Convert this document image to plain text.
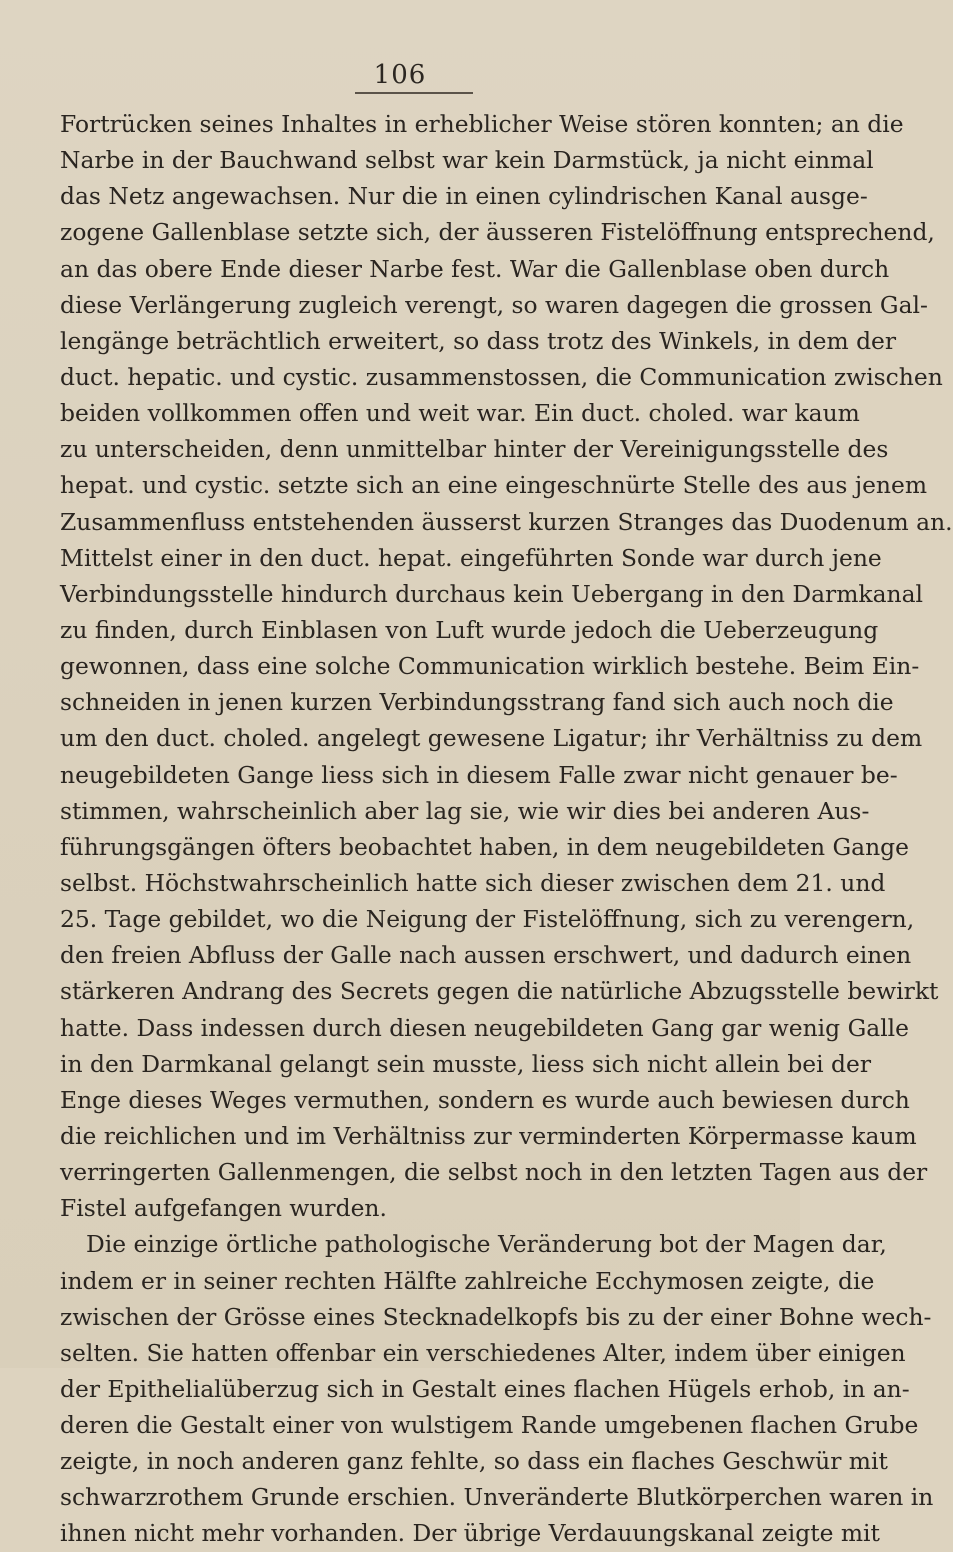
106
Fortrücken seines Inhaltes in erheblicher Weise stören konnten; an die
Narbe in der Bauchwand selbst war kein Darmstück, ja nicht einmal
das Netz angewachsen. Nur die in einen cylindrischen Kanal ausge-
zogene Gallenblase setzte sich, der äusseren Fistelöffnung entsprechend,
an das obere Ende dieser Narbe fest. War die Gallenblase oben durch
diese Verlängerung zugleich verengt, so waren dagegen die grossen Gal-
lengänge beträchtlich erweitert, so dass trotz des Winkels, in dem der
duct. hepatic. und cystic. zusammenstossen, die Communication zwischen
beiden vollkommen offen und weit war. Ein duct. choled. war kaum
zu unterscheiden, denn unmittelbar hinter der Vereinigungsstelle des
hepat. und cystic. setzte sich an eine eingeschnürte Stelle des aus jenem
Zusammenfluss entstehenden äusserst kurzen Stranges das Duodenum an.
Mittelst einer in den duct. hepat. eingeführten Sonde war durch jene
Verbindungsstelle hindurch durchaus kein Uebergang in den Darmkanal
zu finden, durch Einblasen von Luft wurde jedoch die Ueberzeugung
gewonnen, dass eine solche Communication wirklich bestehe. Beim Ein-
schneiden in jenen kurzen Verbindungsstrang fand sich auch noch die
um den duct. choled. angelegt gewesene Ligatur; ihr Verhältniss zu dem
neugebildeten Gange liess sich in diesem Falle zwar nicht genauer be-
stimmen, wahrscheinlich aber lag sie, wie wir dies bei anderen Aus-
führungsgängen öfters beobachtet haben, in dem neugebildeten Gange
selbst. Höchstwahrscheinlich hatte sich dieser zwischen dem 21. und
25. Tage gebildet, wo die Neigung der Fistelöffnung, sich zu verengern,
den freien Abfluss der Galle nach aussen erschwert, und dadurch einen
stärkeren Andrang des Secrets gegen die natürliche Abzugsstelle bewirkt
hatte. Dass indessen durch diesen neugebildeten Gang gar wenig Galle
in den Darmkanal gelangt sein musste, liess sich nicht allein bei der
Enge dieses Weges vermuthen, sondern es wurde auch bewiesen durch
die reichlichen und im Verhältniss zur verminderten Körpermasse kaum
verringerten Gallenmengen, die selbst noch in den letzten Tagen aus der
Fistel aufgefangen wurden.
Die einzige örtliche pathologische Veränderung bot der Magen dar,
indem er in seiner rechten Hälfte zahlreiche Ecchymosen zeigte, die
zwischen der Grösse eines Stecknadelkopfs bis zu der einer Bohne wech-
selten. Sie hatten offenbar ein verschiedenes Alter, indem über einigen
der Epithelialüberzug sich in Gestalt eines flachen Hügels erhob, in an-
deren die Gestalt einer von wulstigem Rande umgebenen flachen Grube
zeigte, in noch anderen ganz fehlte, so dass ein flaches Geschwür mit
schwarzrothem Grunde erschien. Unveränderte Blutkörperchen waren in
ihnen nicht mehr vorhanden. Der übrige Verdauungskanal zeigte mit
